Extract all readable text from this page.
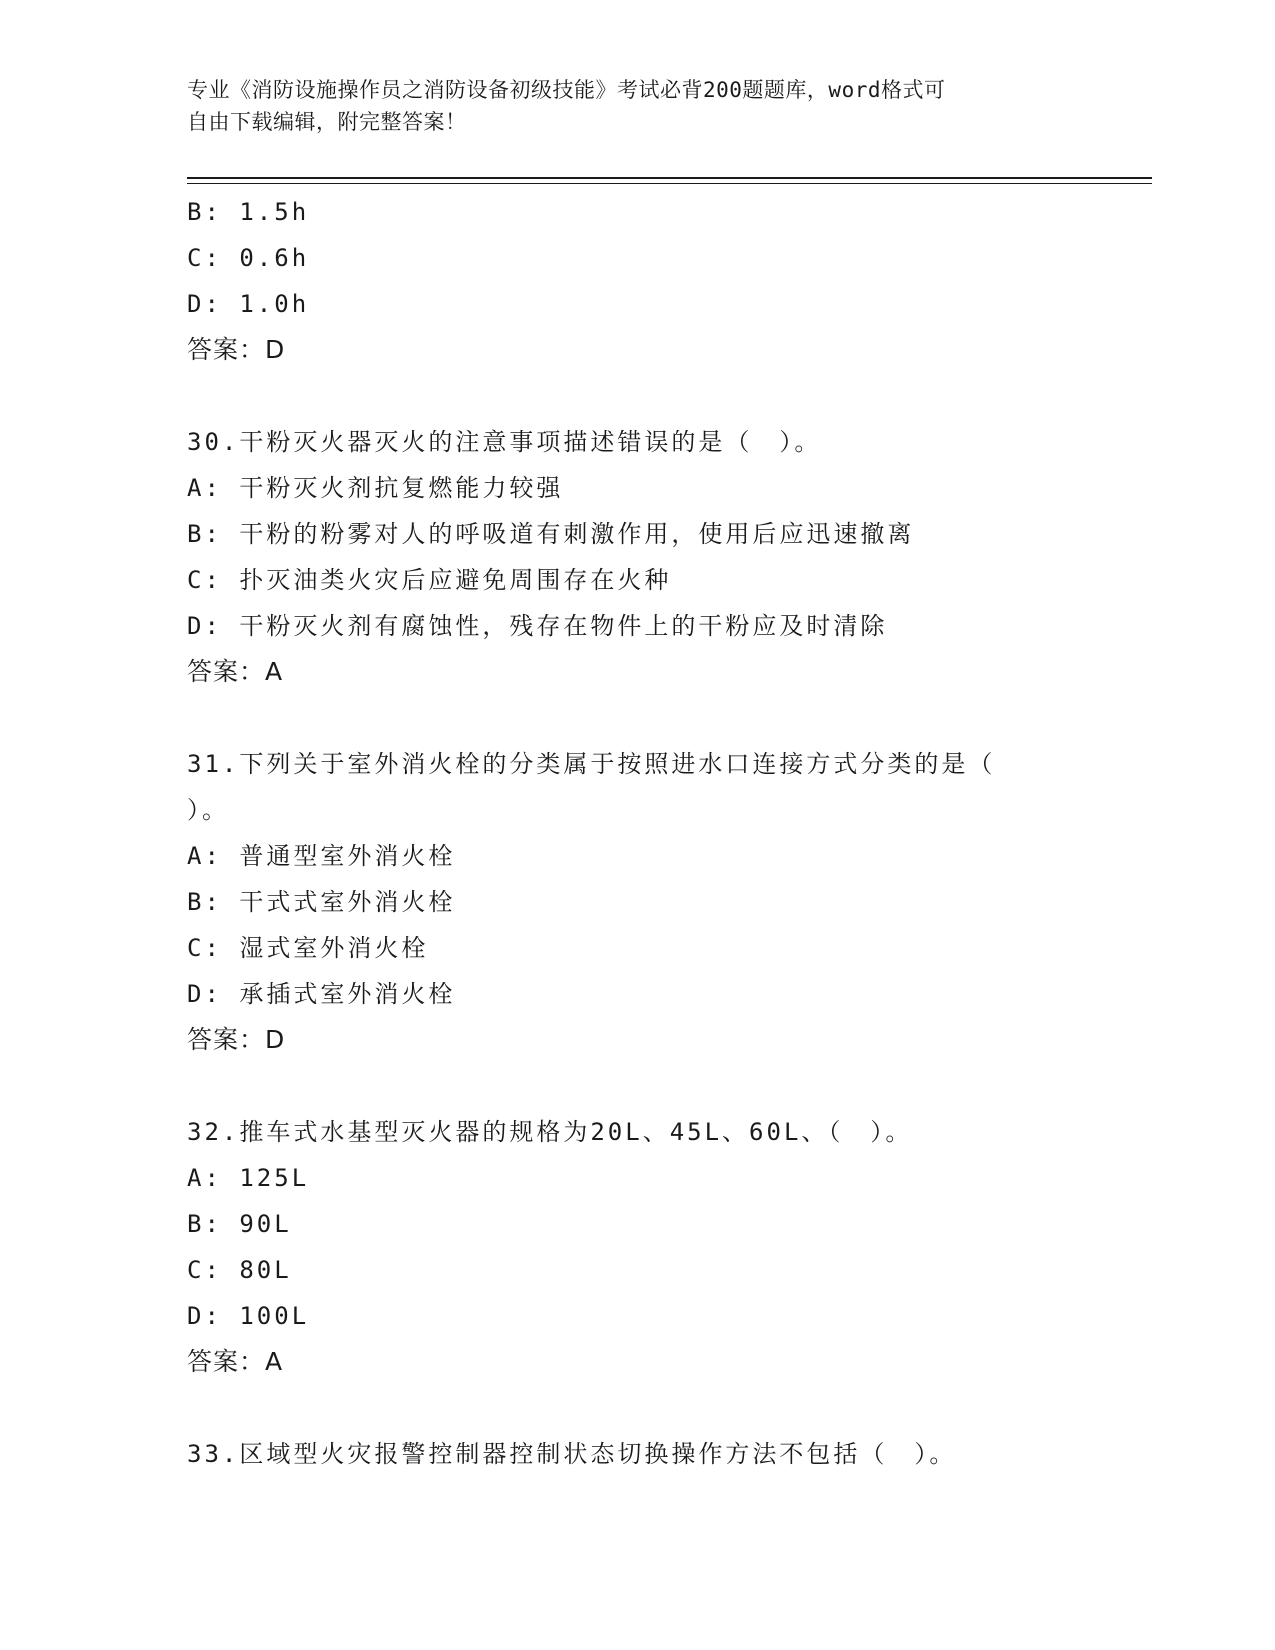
专业《消防设施操作员之消防设备初级技能》考试必背200题题库，word格式可
自由下载编辑，附完整答案！
B: 1.5h
C: 0.6h
D: 1.0h
答案：D
30.干粉灭火器灭火的注意事项描述错误的是（　）。
A: 干粉灭火剂抗复燃能力较强
B: 干粉的粉雾对人的呼吸道有刺激作用，使用后应迅速撤离
C: 扑灭油类火灾后应避免周围存在火种
D: 干粉灭火剂有腐蚀性，残存在物件上的干粉应及时清除
答案：A
31.下列关于室外消火栓的分类属于按照进水口连接方式分类的是（
）。
A: 普通型室外消火栓
B: 干式式室外消火栓
C: 湿式室外消火栓
D: 承插式室外消火栓
答案：D
32.推车式水基型灭火器的规格为20L、45L、60L、（　）。
A: 125L
B: 90L
C: 80L
D: 100L
答案：A
33.区域型火灾报警控制器控制状态切换操作方法不包括（　）。
